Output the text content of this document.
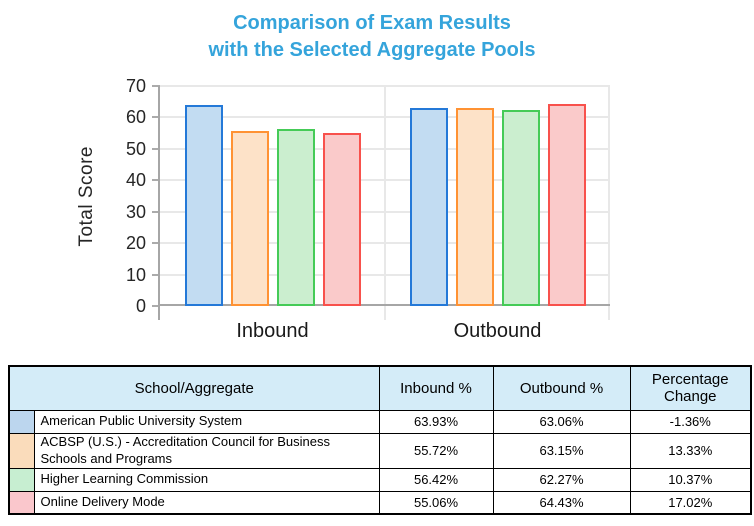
Comparison of Exam Results
with the Selected Aggregate Pools
Total Score
0
10
20
30
40
50
60
70
Inbound	Outbound
School/Aggregate		Inbound %	Outbound %	Percentage Change
	American Public University System	63.93%	63.06%	-1.36%
	ACBSP (U.S.) - Accreditation Council for Business Schools and Programs	55.72%	63.15%	13.33%
	Higher Learning Commission	56.42%	62.27%	10.37%
	Online Delivery Mode	55.06%	64.43%	17.02%
